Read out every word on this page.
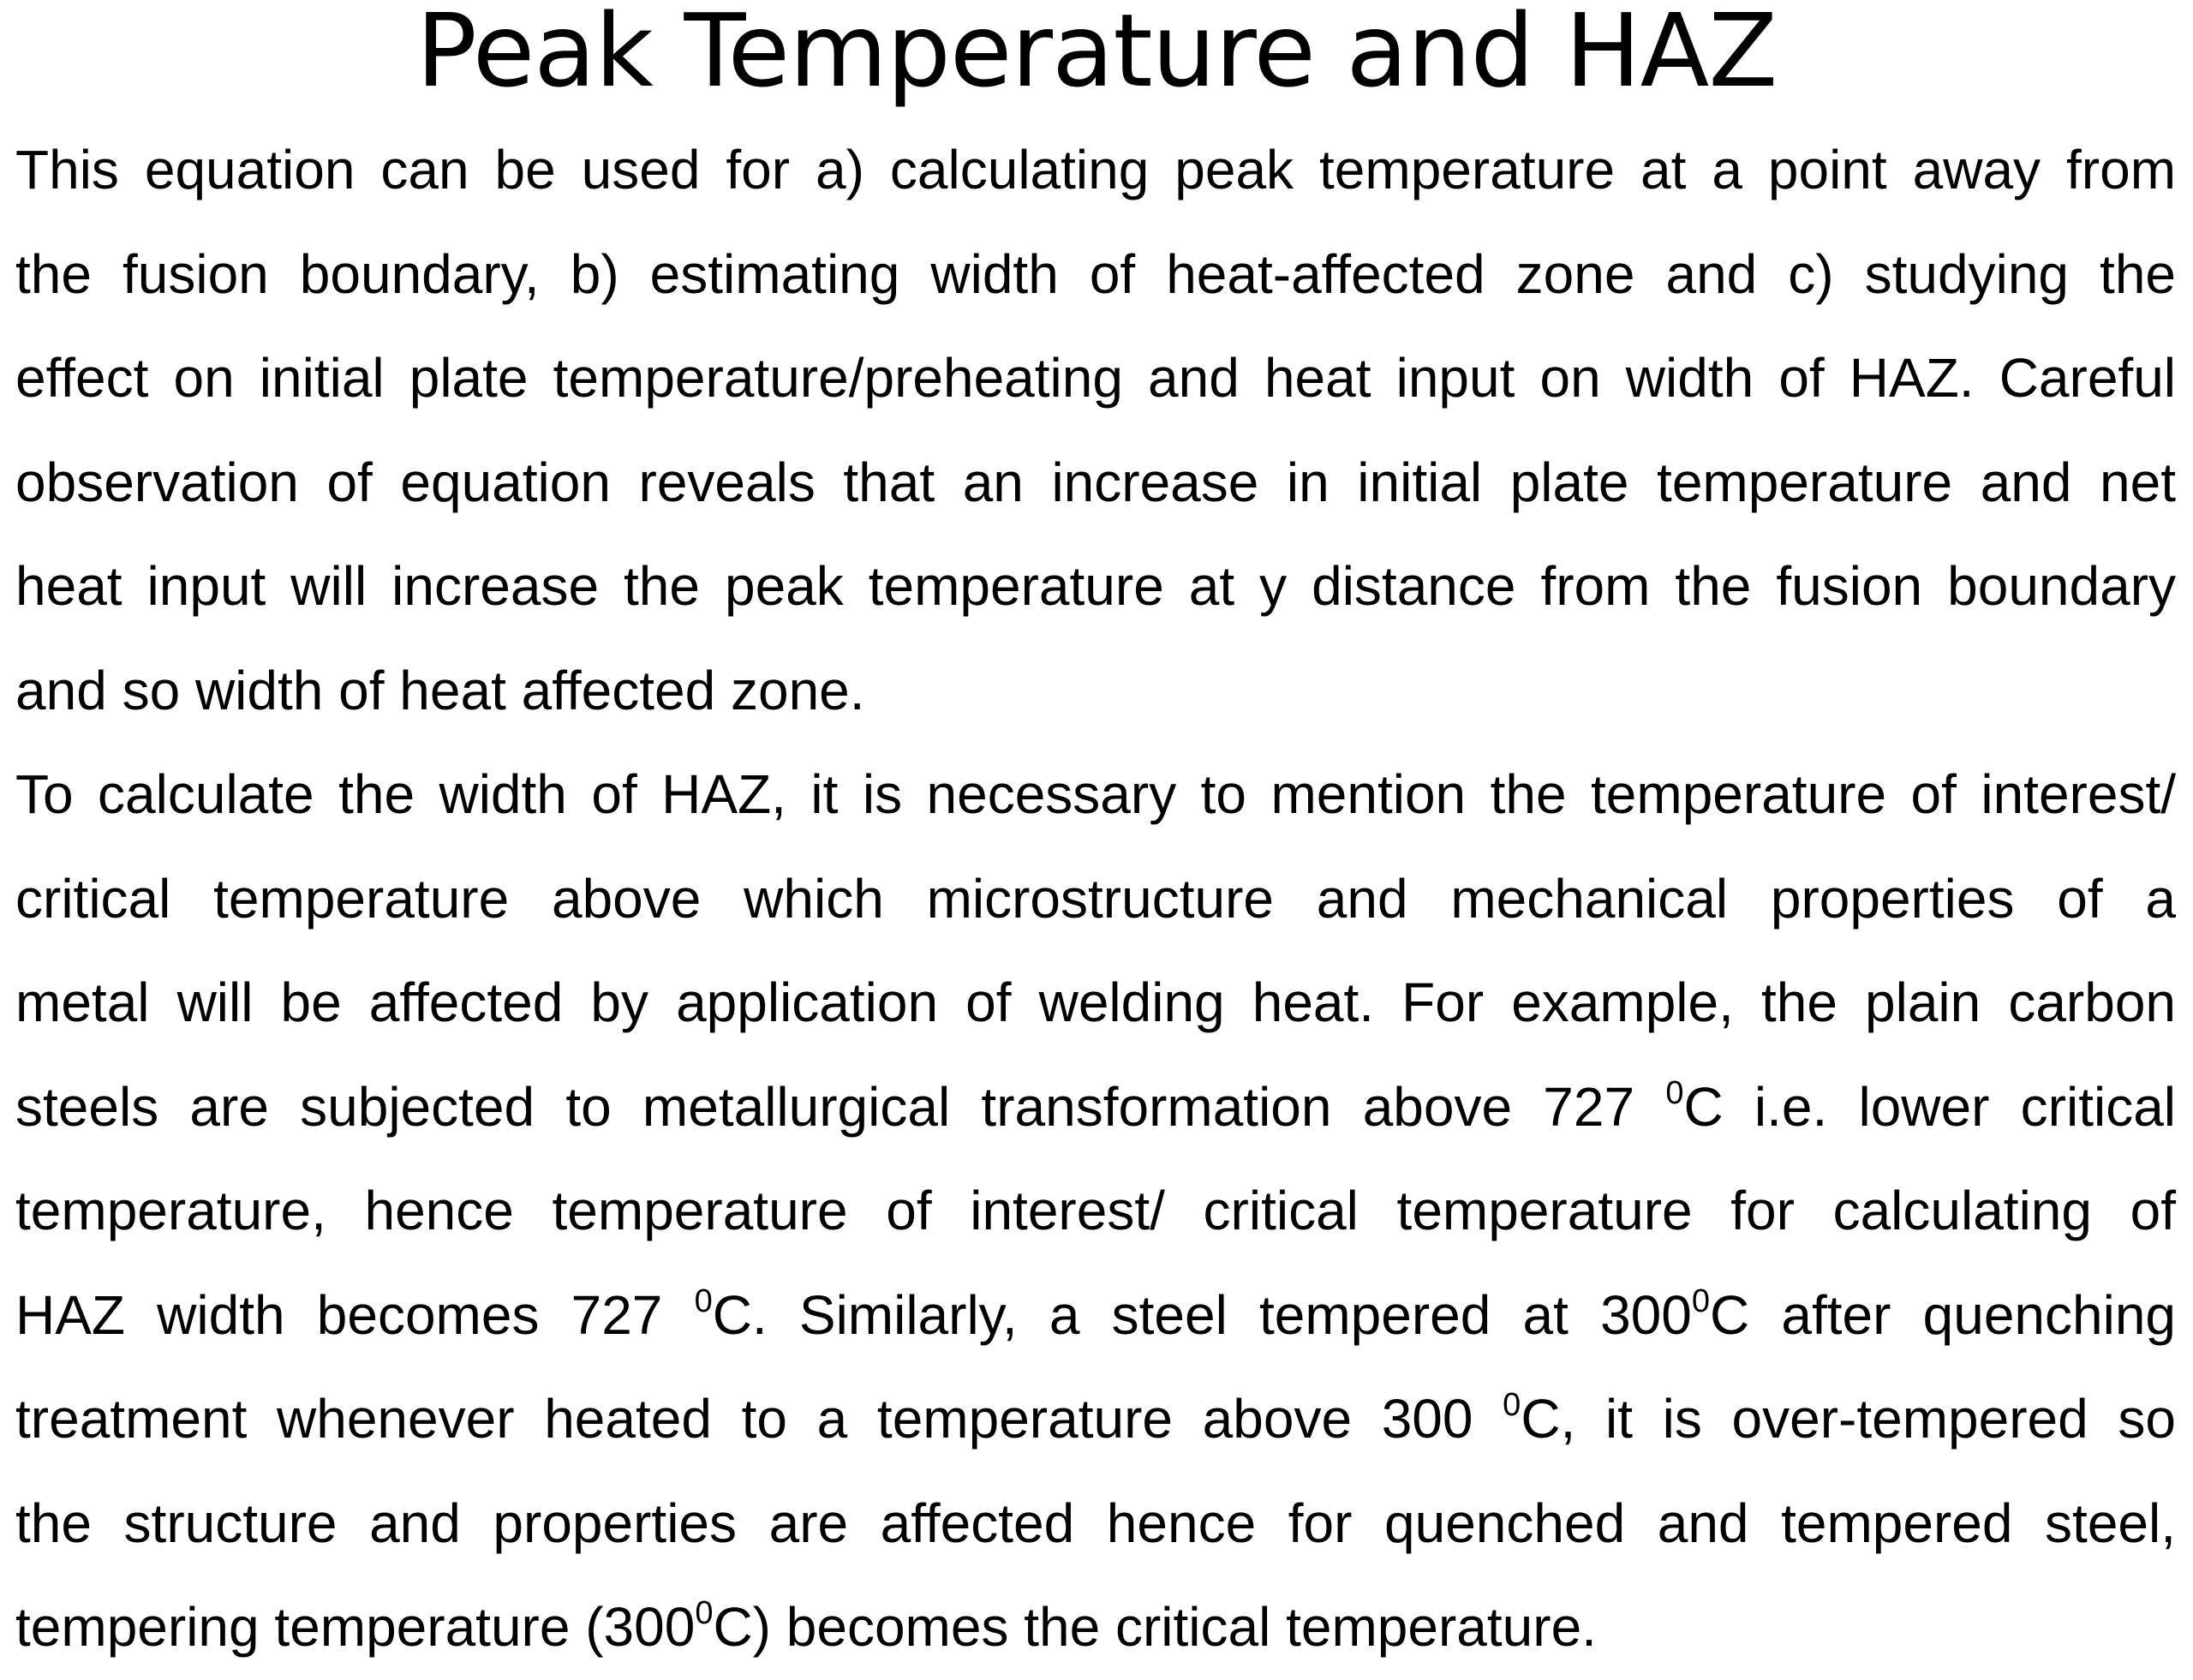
Peak Temperature and HAZ
This equation can be used for a) calculating peak temperature at a point away from
the fusion boundary, b) estimating width of heat-affected zone and c) studying the
effect on initial plate temperature/preheating and heat input on width of HAZ. Careful
observation of equation reveals that an increase in initial plate temperature and net
heat input will increase the peak temperature at y distance from the fusion boundary
and so width of heat affected zone.
To calculate the width of HAZ, it is necessary to mention the temperature of interest/
critical temperature above which microstructure and mechanical properties of a
metal will be affected by application of welding heat. For example, the plain carbon
steels are subjected to metallurgical transformation above 727 $^0$C i.e. lower critical
temperature, hence temperature of interest/ critical temperature for calculating of
HAZ width becomes 727 $^0$C. Similarly, a steel tempered at $300^0C$ after quenching
treatment whenever heated to a temperature above 300 $^0$C, it is over-tempered so
the structure and properties are affected hence for quenched and tempered steel,
tempering temperature $(300^0C)$ becomes the critical temperature.
